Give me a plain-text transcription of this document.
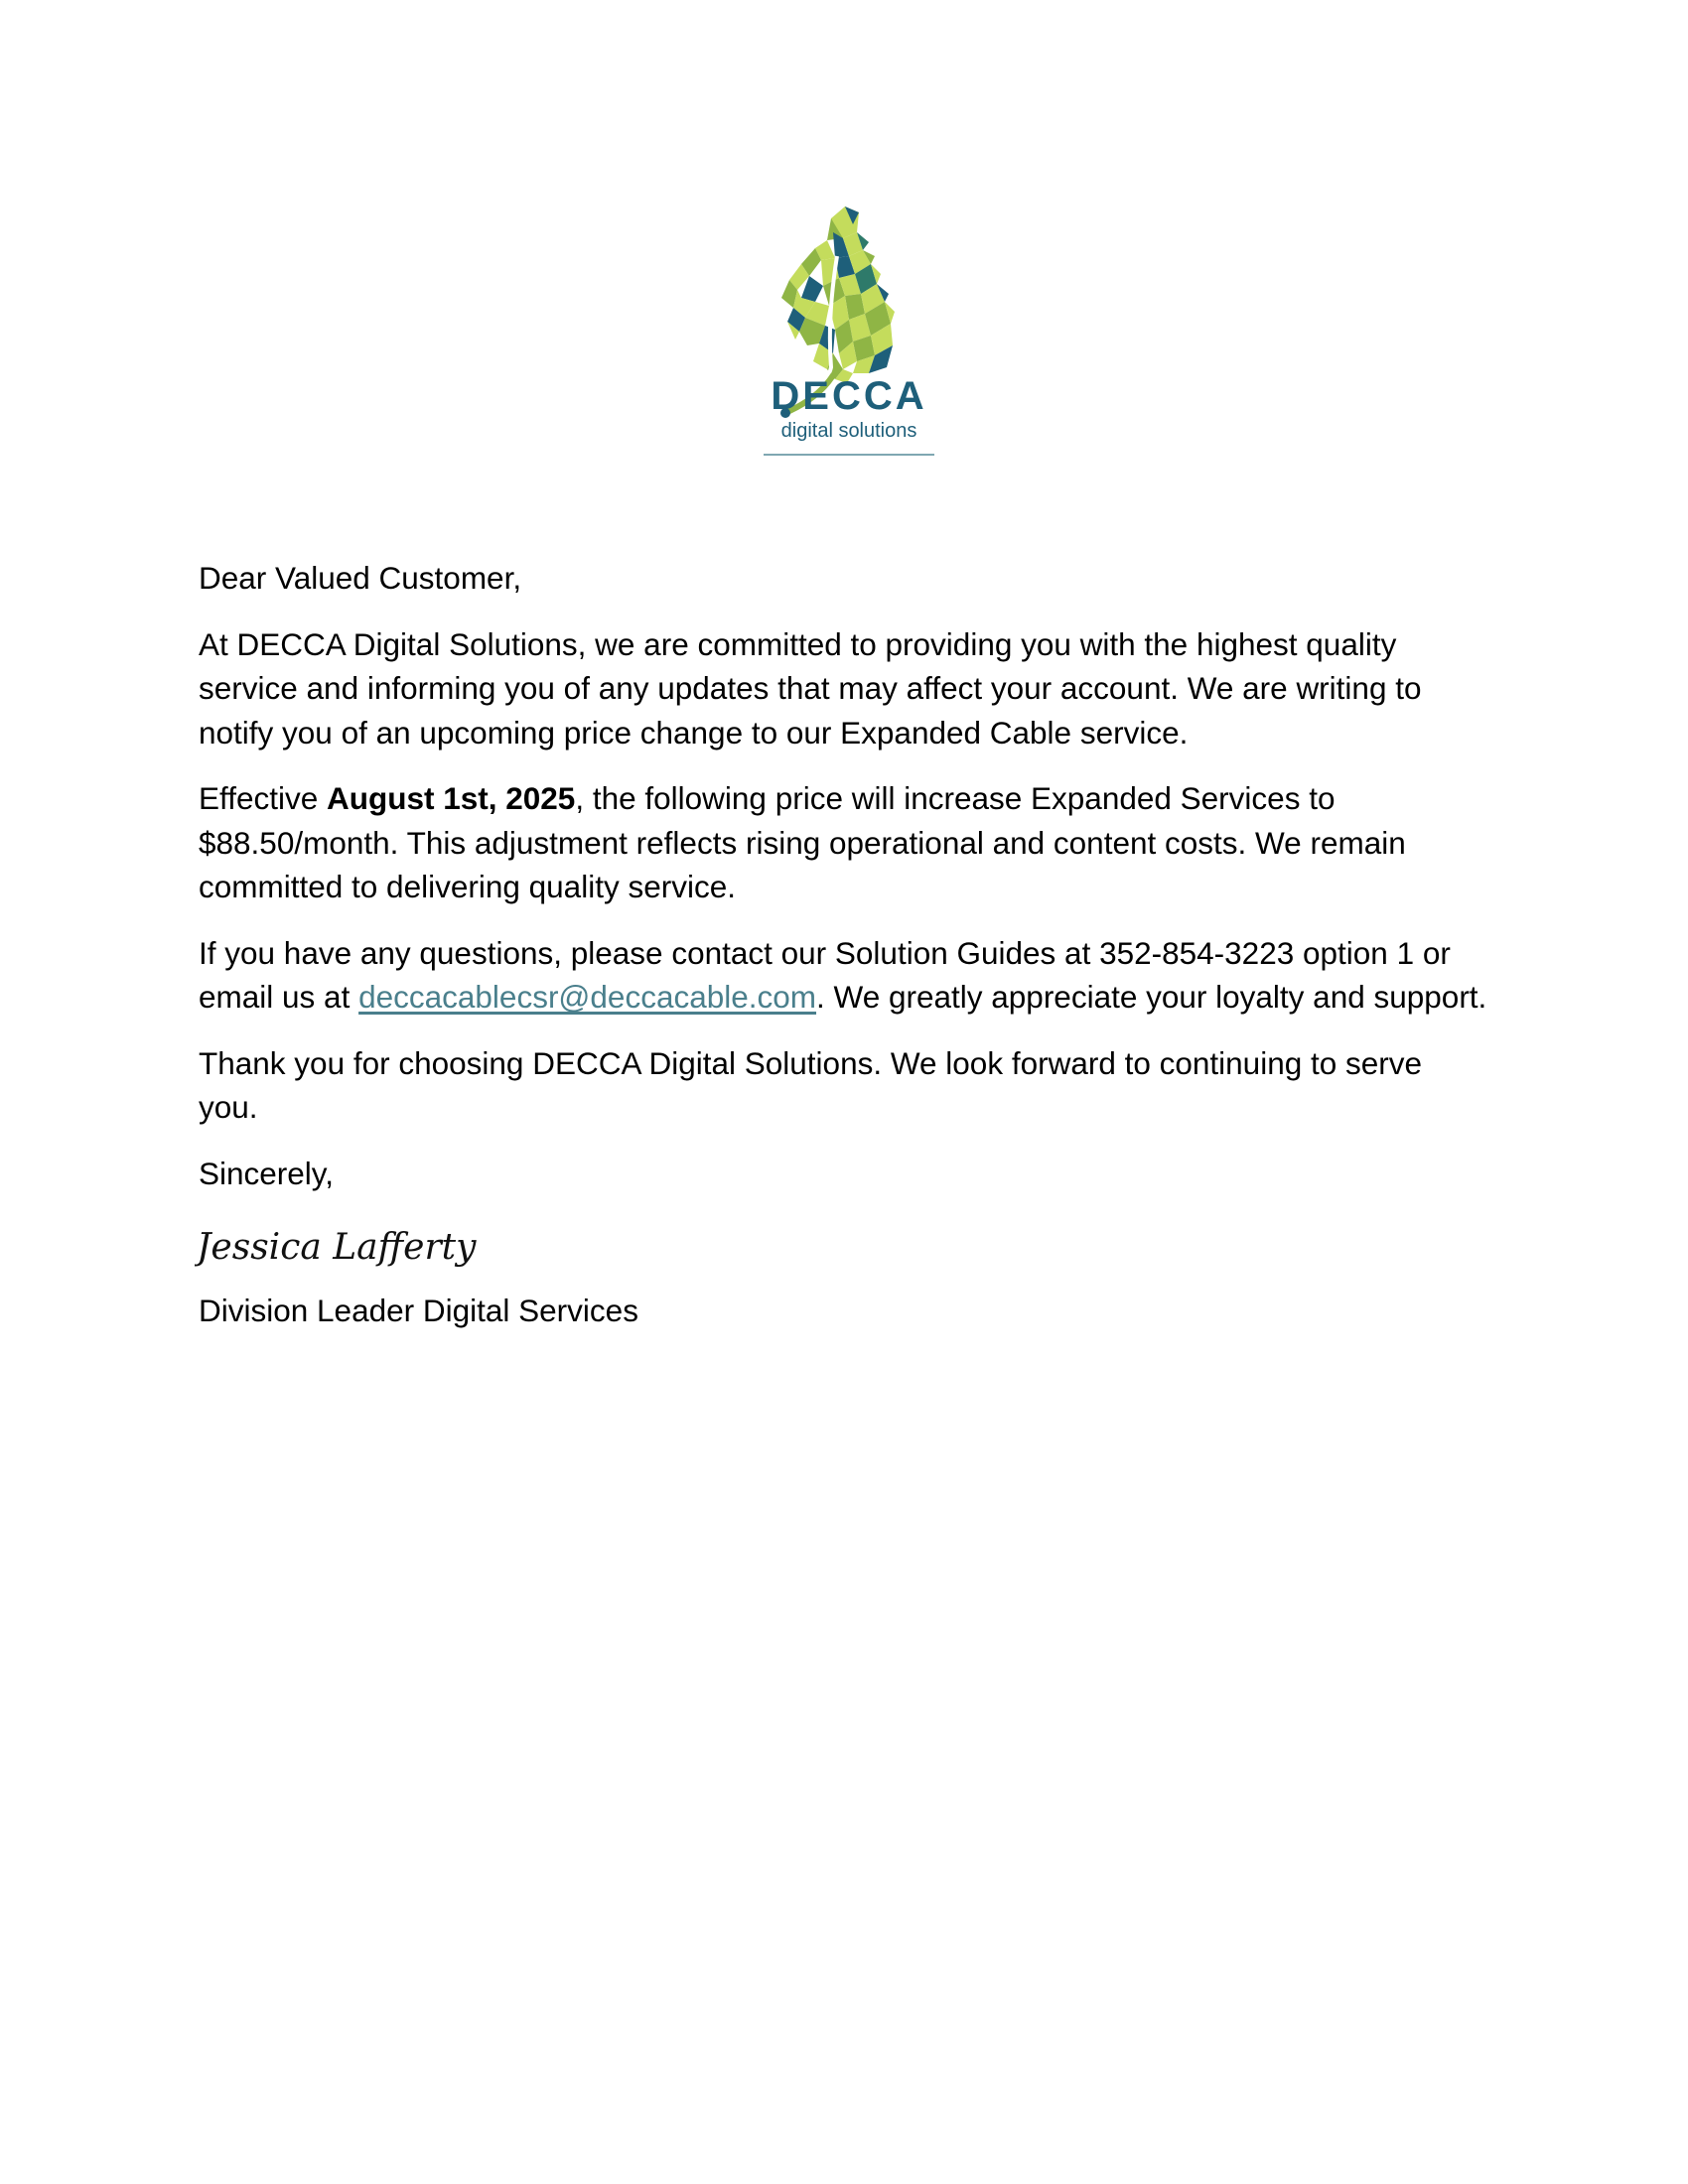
DECCA
digital solutions

Dear Valued Customer,

At DECCA Digital Solutions, we are committed to providing you with the highest quality service and informing you of any updates that may affect your account. We are writing to notify you of an upcoming price change to our Expanded Cable service.

Effective August 1st, 2025, the following price will increase Expanded Services to $88.50/month. This adjustment reflects rising operational and content costs. We remain committed to delivering quality service.

If you have any questions, please contact our Solution Guides at 352-854-3223 option 1 or email us at deccacablecsr@deccacable.com. We greatly appreciate your loyalty and support.

Thank you for choosing DECCA Digital Solutions. We look forward to continuing to serve you.

Sincerely,

Jessica Lafferty

Division Leader Digital Services
